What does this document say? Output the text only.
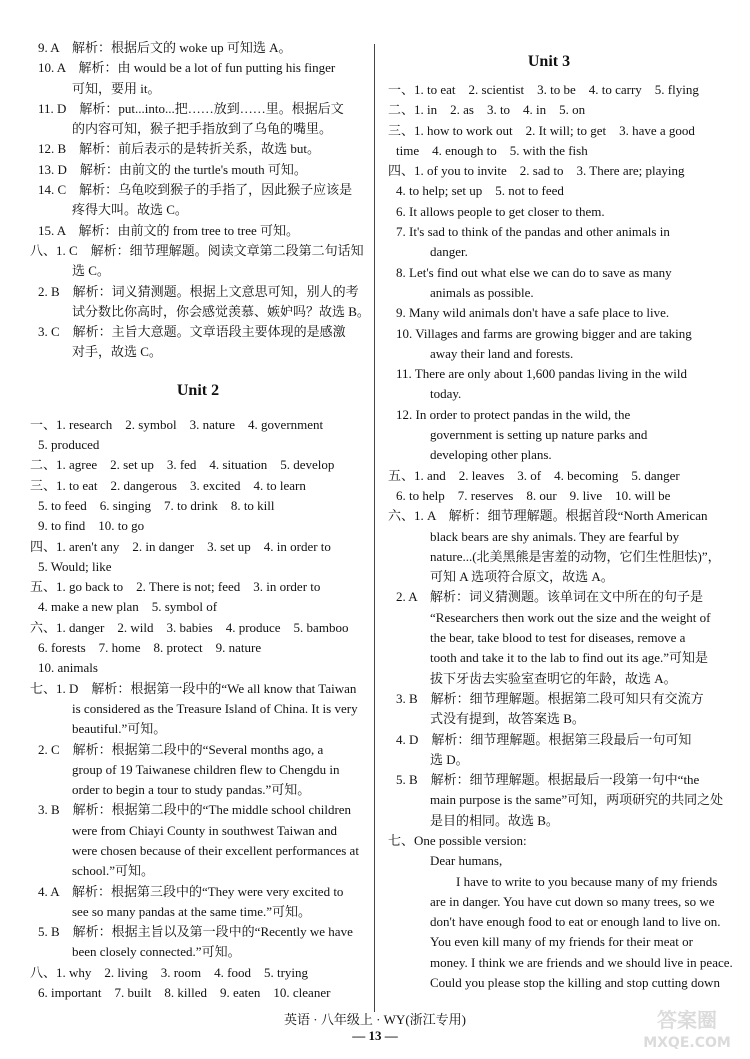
9. A　解析：根据后文的 woke up 可知选 A。
10. A　解析：由 would be a lot of fun putting his finger
可知，要用 it。
11. D　解析：put...into...把……放到……里。根据后文
的内容可知，猴子把手指放到了乌龟的嘴里。
12. B　解析：前后表示的是转折关系，故选 but。
13. D　解析：由前文的 the turtle's mouth 可知。
14. C　解析：乌龟咬到猴子的手指了，因此猴子应该是
疼得大叫。故选 C。
15. A　解析：由前文的 from tree to tree 可知。
八、1. C　解析：细节理解题。阅读文章第二段第二句话知
选 C。
2. B　解析：词义猜测题。根据上文意思可知，别人的考
试分数比你高时，你会感觉羡慕、嫉妒吗？故选 B。
3. C　解析：主旨大意题。文章语段主要体现的是感激
对手，故选 C。
Unit 2
一、1. research　2. symbol　3. nature　4. government
5. produced
二、1. agree　2. set up　3. fed　4. situation　5. develop
三、1. to eat　2. dangerous　3. excited　4. to learn
5. to feed　6. singing　7. to drink　8. to kill
9. to find　10. to go
四、1. aren't any　2. in danger　3. set up　4. in order to
5. Would; like
五、1. go back to　2. There is not; feed　3. in order to
4. make a new plan　5. symbol of
六、1. danger　2. wild　3. babies　4. produce　5. bamboo
6. forests　7. home　8. protect　9. nature
10. animals
七、1. D　解析：根据第一段中的“We all know that Taiwan
is considered as the Treasure Island of China. It is very
beautiful.”可知。
2. C　解析：根据第二段中的“Several months ago, a
group of 19 Taiwanese children flew to Chengdu in
order to begin a tour to study pandas.”可知。
3. B　解析：根据第二段中的“The middle school children
were from Chiayi County in southwest Taiwan and
were chosen because of their excellent performances at
school.”可知。
4. A　解析：根据第三段中的“They were very excited to
see so many pandas at the same time.”可知。
5. B　解析：根据主旨以及第一段中的“Recently we have
been closely connected.”可知。
八、1. why　2. living　3. room　4. food　5. trying
6. important　7. built　8. killed　9. eaten　10. cleaner
Unit 3
一、1. to eat　2. scientist　3. to be　4. to carry　5. flying
二、1. in　2. as　3. to　4. in　5. on
三、1. how to work out　2. It will; to get　3. have a good
time　4. enough to　5. with the fish
四、1. of you to invite　2. sad to　3. There are; playing
4. to help; set up　5. not to feed
6. It allows people to get closer to them.
7. It's sad to think of the pandas and other animals in
danger.
8. Let's find out what else we can do to save as many
animals as possible.
9. Many wild animals don't have a safe place to live.
10. Villages and farms are growing bigger and are taking
away their land and forests.
11. There are only about 1,600 pandas living in the wild
today.
12. In order to protect pandas in the wild, the
government is setting up nature parks and
developing other plans.
五、1. and　2. leaves　3. of　4. becoming　5. danger
6. to help　7. reserves　8. our　9. live　10. will be
六、1. A　解析：细节理解题。根据首段“North American
black bears are shy animals. They are fearful by
nature...(北美黑熊是害羞的动物，它们生性胆怯)”，
可知 A 选项符合原文，故选 A。
2. A　解析：词义猜测题。该单词在文中所在的句子是
“Researchers then work out the size and the weight of
the bear, take blood to test for diseases, remove a
tooth and take it to the lab to find out its age.”可知是
拔下牙齿去实验室查明它的年龄，故选 A。
3. B　解析：细节理解题。根据第二段可知只有交流方
式没有提到，故答案选 B。
4. D　解析：细节理解题。根据第三段最后一句可知
选 D。
5. B　解析：细节理解题。根据最后一段第一句中“the
main purpose is the same”可知，两项研究的共同之处
是目的相同。故选 B。
七、One possible version:
Dear humans,
　　I have to write to you because many of my friends
are in danger. You have cut down so many trees, so we
don't have enough food to eat or enough land to live on.
You even kill many of my friends for their meat or
money. I think we are friends and we should live in peace.
Could you please stop the killing and stop cutting down
英语 · 八年级上 · WY(浙江专用)
— 13 —
答案圈
MXQE.COM
